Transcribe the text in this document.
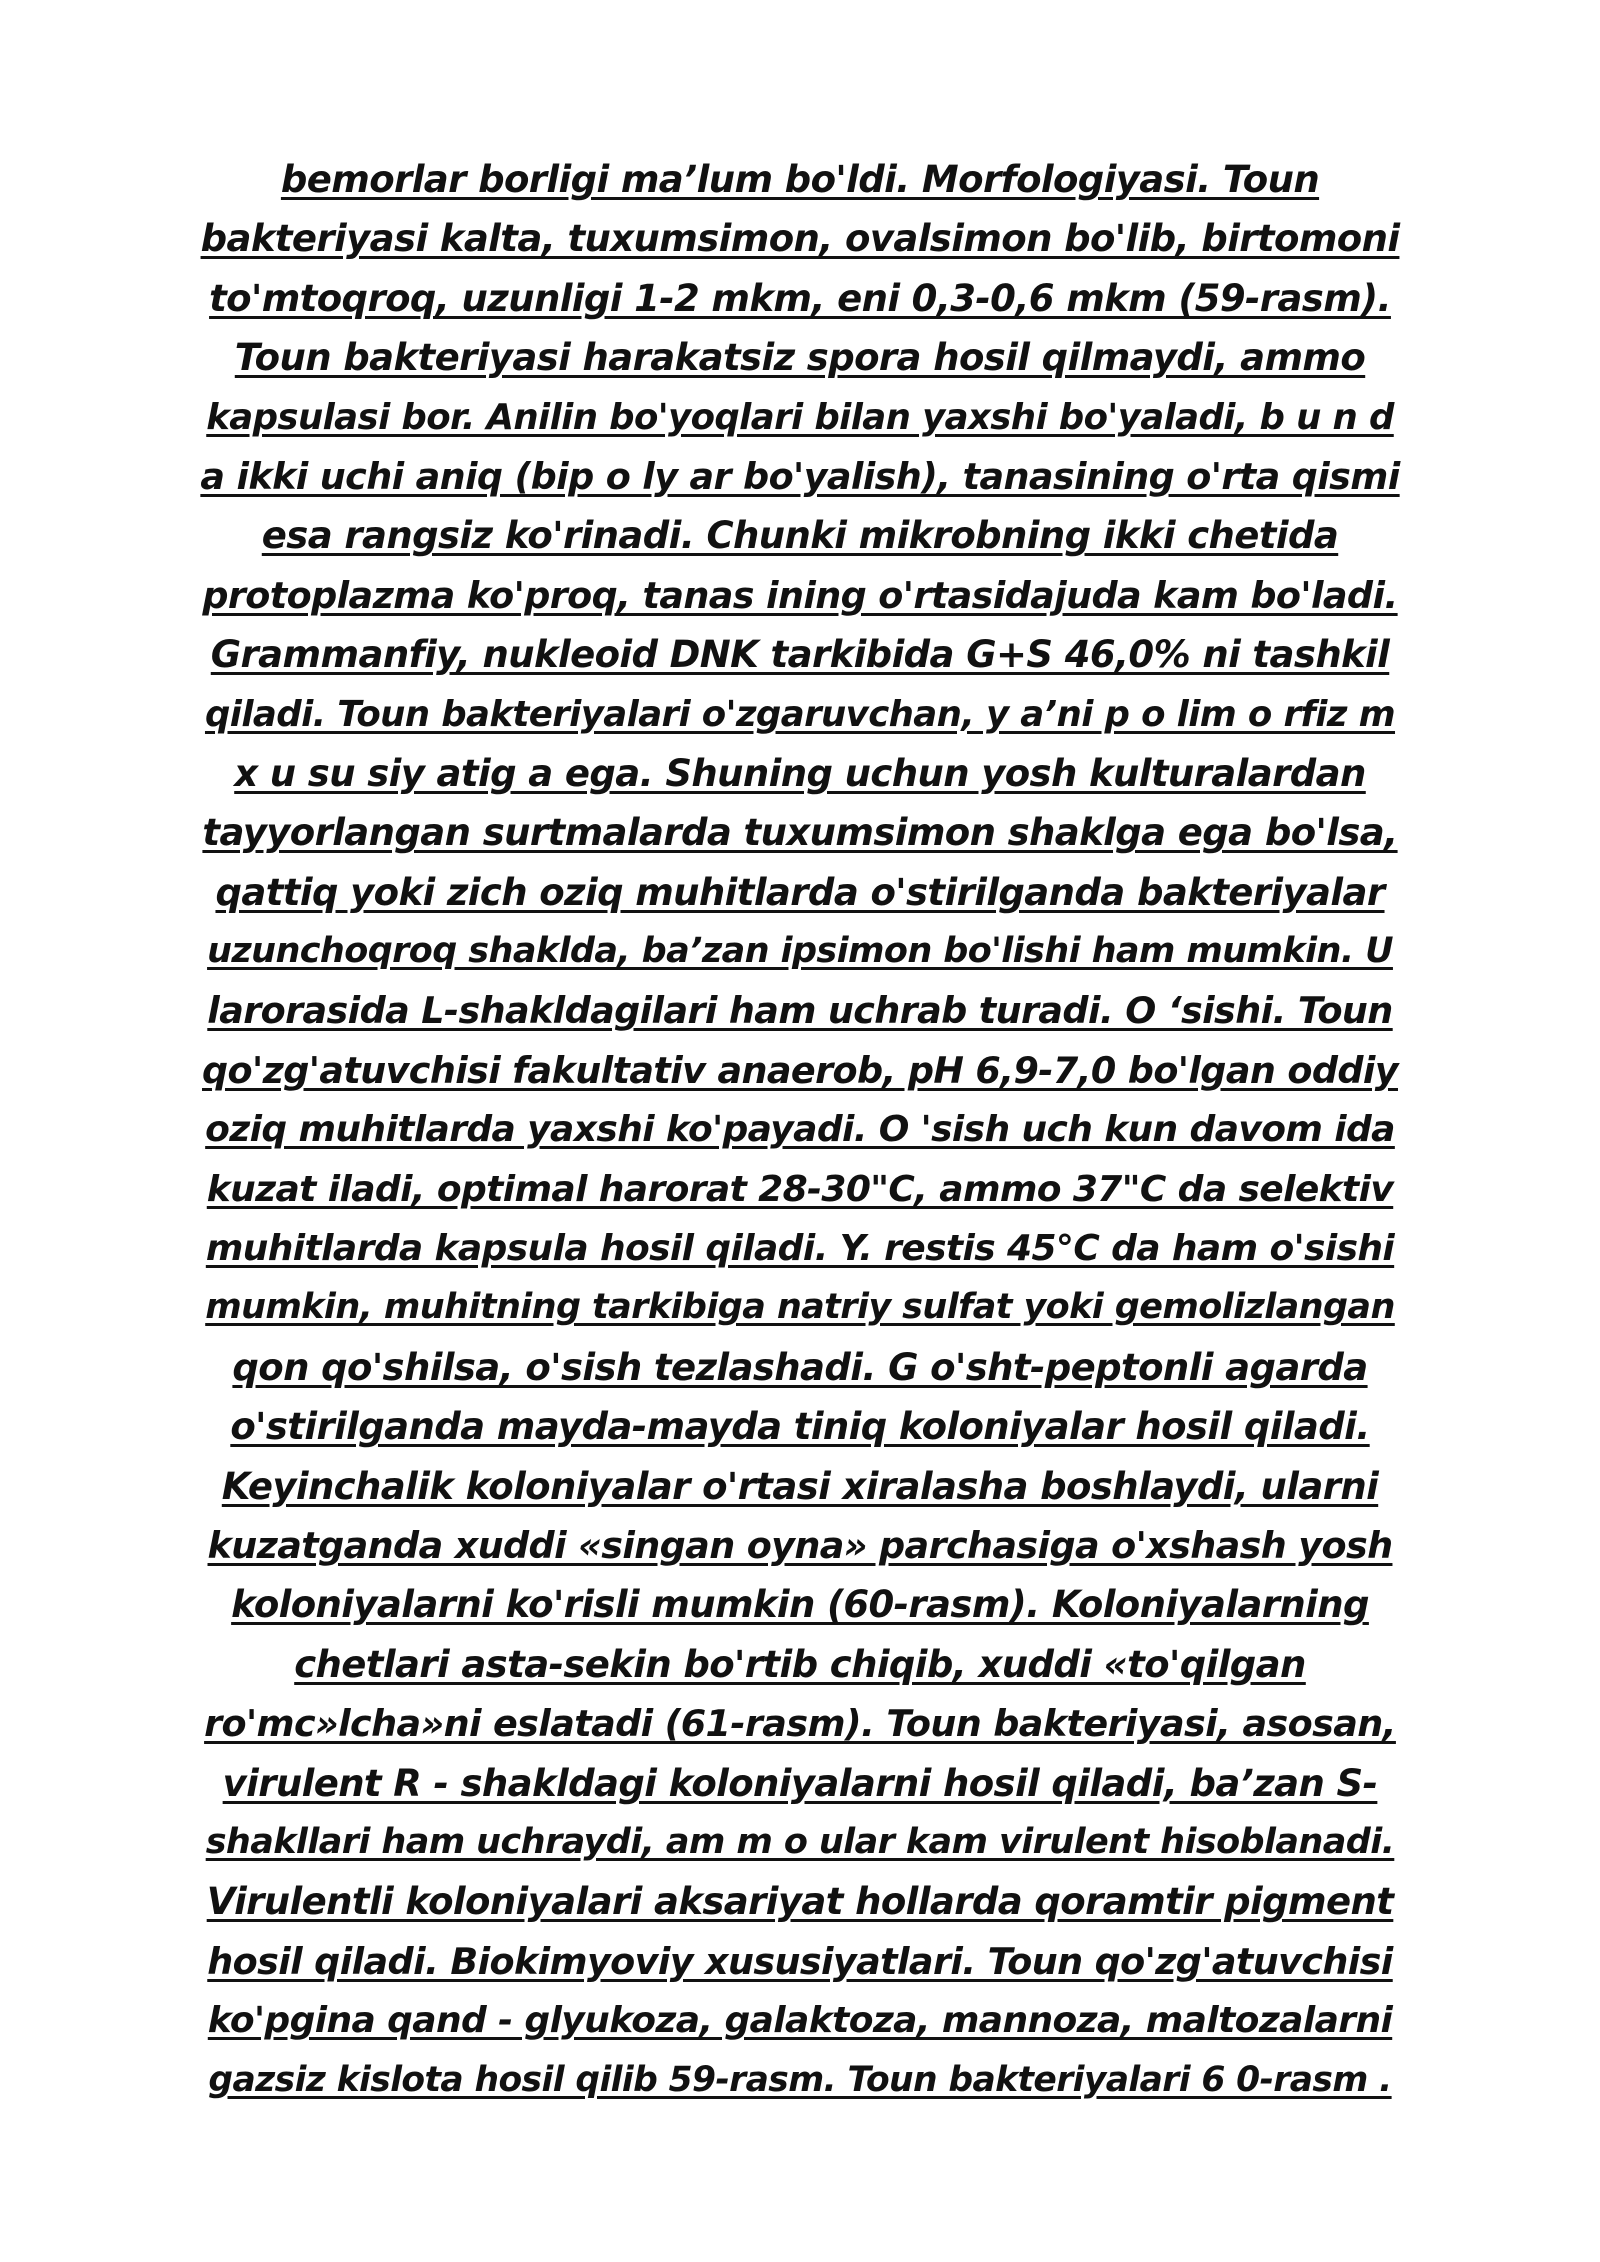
bemorlar borligi ma’lum bo'ldi. Morfologiyasi. Toun
bakteriyasi kalta, tuxumsimon, ovalsimon bo'lib, birtomoni
to'mtoqroq, uzunligi 1-2 mkm, eni 0,3-0,6 mkm (59-rasm).
Toun bakteriyasi harakatsiz spora hosil qilmaydi, ammo
kapsulasi bor. Anilin bo'yoqlari bilan yaxshi bo'yaladi, b u n d
a ikki uchi aniq (bip o ly ar bo'yalish), tanasining o'rta qismi
esa rangsiz ko'rinadi. Chunki mikrobning ikki chetida
protoplazma ko'proq, tanas ining o'rtasidajuda kam bo'ladi.
Grammanfiy, nukleoid DNK tarkibida G+S 46,0% ni tashkil
qiladi. Toun bakteriyalari o'zgaruvchan, y a’ni p o lim o rfiz m
x u su siy atig a ega. Shuning uchun yosh kulturalardan
tayyorlangan surtmalarda tuxumsimon shaklga ega bo'lsa,
qattiq yoki zich oziq muhitlarda o'stirilganda bakteriyalar
uzunchoqroq shaklda, ba’zan ipsimon bo'lishi ham mumkin. U
larorasida L-shakldagilari ham uchrab turadi. O ‘sishi. Toun
qo'zg'atuvchisi fakultativ anaerob, pH 6,9-7,0 bo'lgan oddiy
oziq muhitlarda yaxshi ko'payadi. O 'sish uch kun davom ida
kuzat iladi, optimal harorat 28-30"C, ammo 37"C da selektiv
muhitlarda kapsula hosil qiladi. Y. restis 45°C da ham o'sishi
mumkin, muhitning tarkibiga natriy sulfat yoki gemolizlangan
qon qo'shilsa, o'sish tezlashadi. G o'sht-peptonli agarda
o'stirilganda mayda-mayda tiniq koloniyalar hosil qiladi.
Keyinchalik koloniyalar o'rtasi xiralasha boshlaydi, ularni
kuzatganda xuddi «singan oyna» parchasiga o'xshash yosh
koloniyalarni ko'risli mumkin (60-rasm). Koloniyalarning
chetlari asta-sekin bo'rtib chiqib, xuddi «to'qilgan
ro'mc»lcha»ni eslatadi (61-rasm). Toun bakteriyasi, asosan,
virulent R - shakldagi koloniyalarni hosil qiladi, ba’zan S-
shakllari ham uchraydi, am m o ular kam virulent hisoblanadi.
Virulentli koloniyalari aksariyat hollarda qoramtir pigment
hosil qiladi. Biokimyoviy xususiyatlari. Toun qo'zg'atuvchisi
ko'pgina qand - glyukoza, galaktoza, mannoza, maltozalarni
gazsiz kislota hosil qilib 59-rasm. Toun bakteriyalari 6 0-rasm .
